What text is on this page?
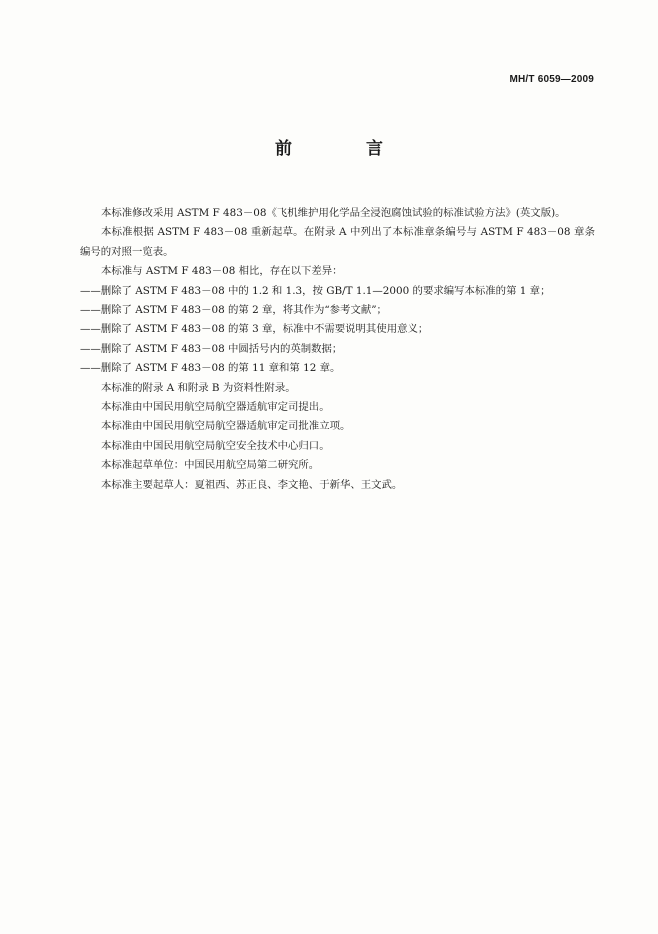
MH/T 6059—2009
前 言

本标准修改采用 ASTM F 483－08《飞机维护用化学品全浸泡腐蚀试验的标准试验方法》(英文版)。

本标准根据 ASTM F 483－08 重新起草。在附录 A 中列出了本标准章条编号与 ASTM F 483－08 章条编号的对照一览表。

本标准与 ASTM F 483－08 相比，存在以下差异：

——删除了 ASTM F 483－08 中的 1.2 和 1.3，按 GB/T 1.1—2000 的要求编写本标准的第 1 章；

——删除了 ASTM F 483－08 的第 2 章，将其作为“参考文献”；

——删除了 ASTM F 483－08 的第 3 章，标准中不需要说明其使用意义；

——删除了 ASTM F 483－08 中圆括号内的英制数据；

——删除了 ASTM F 483－08 的第 11 章和第 12 章。

本标准的附录 A 和附录 B 为资料性附录。

本标准由中国民用航空局航空器适航审定司提出。

本标准由中国民用航空局航空器适航审定司批准立项。

本标准由中国民用航空局航空安全技术中心归口。

本标准起草单位：中国民用航空局第二研究所。

本标准主要起草人：夏祖西、苏正良、李文艳、于新华、王文武。
